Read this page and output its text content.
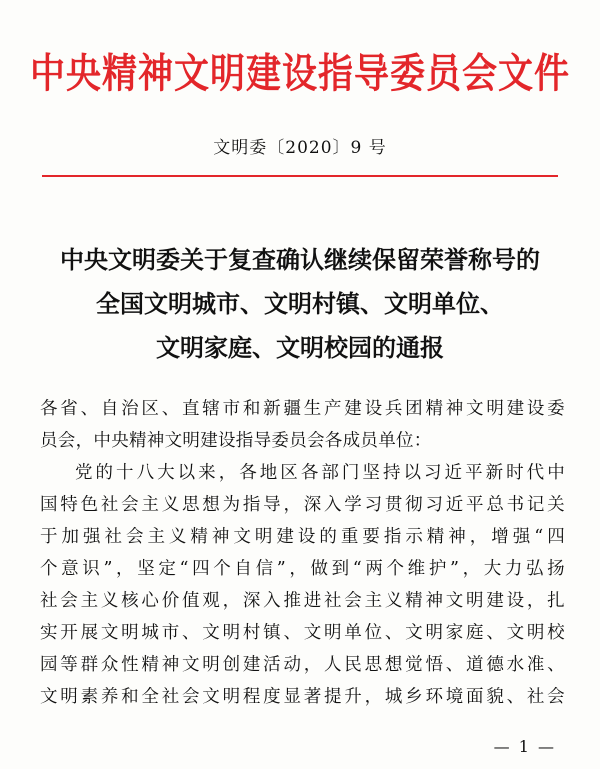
中央精神文明建设指导委员会文件
文明委〔2020〕9 号
中央文明委关于复查确认继续保留荣誉称号的
全国文明城市、文明村镇、文明单位、
文明家庭、文明校园的通报
各省、自治区、直辖市和新疆生产建设兵团精神文明建设委
员会，中央精神文明建设指导委员会各成员单位：
党的十八大以来，各地区各部门坚持以习近平新时代中
国特色社会主义思想为指导，深入学习贯彻习近平总书记关
于加强社会主义精神文明建设的重要指示精神，增强“四
个意识”，坚定“四个自信”，做到“两个维护”，大力弘扬
社会主义核心价值观，深入推进社会主义精神文明建设，扎
实开展文明城市、文明村镇、文明单位、文明家庭、文明校
园等群众性精神文明创建活动，人民思想觉悟、道德水准、
文明素养和全社会文明程度显著提升，城乡环境面貌、社会
— 1 —
